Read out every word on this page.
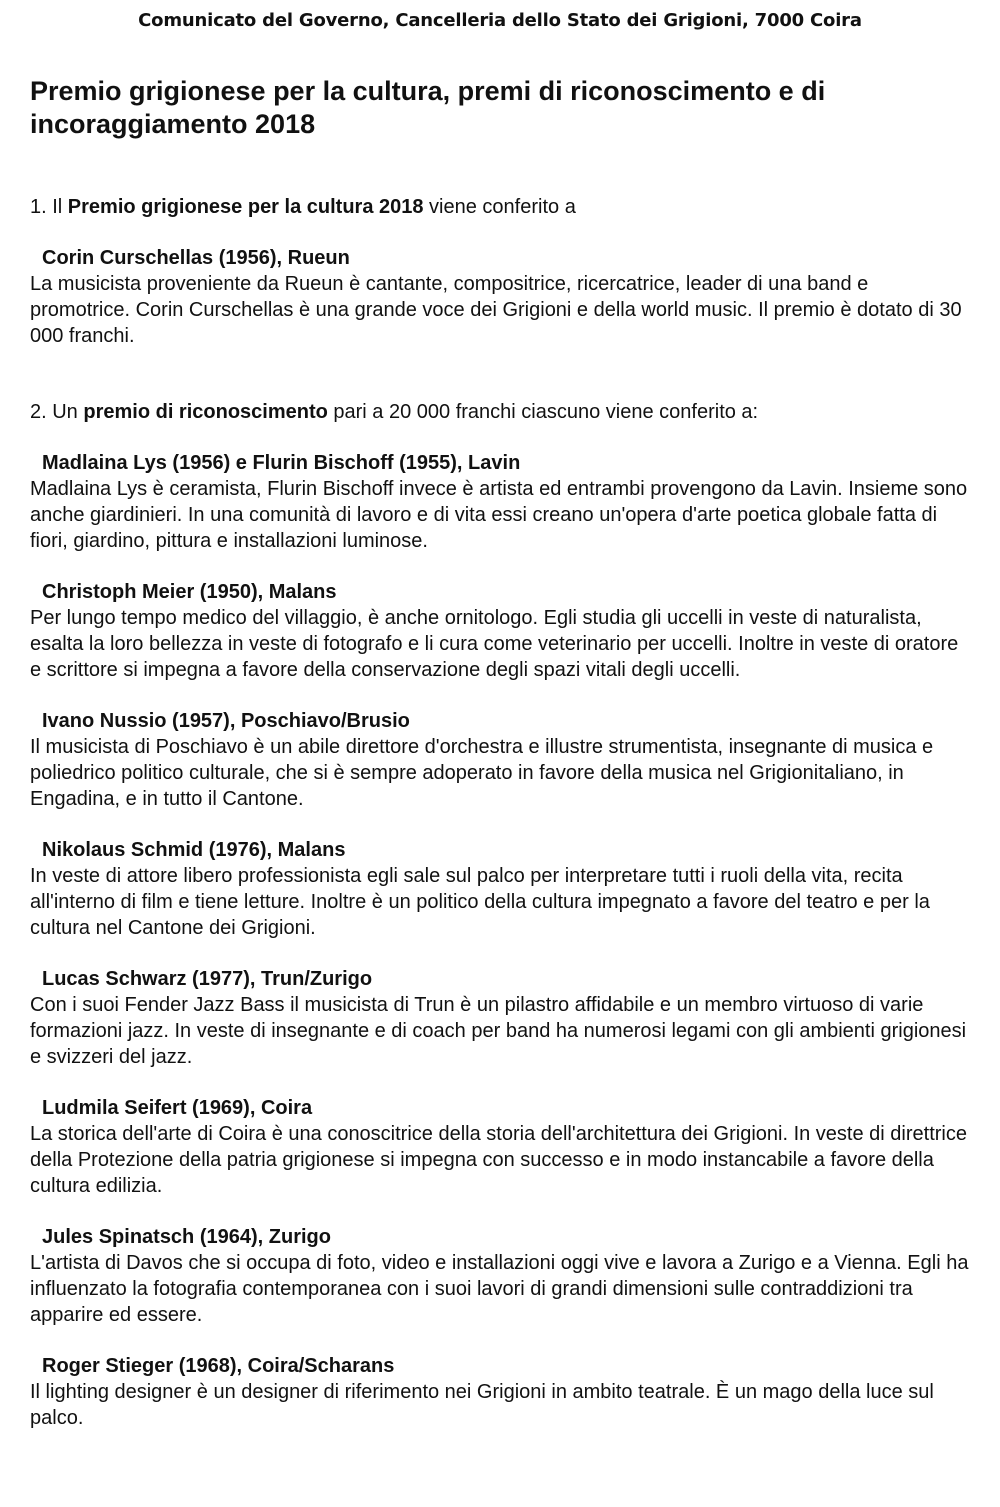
Comunicato del Governo, Cancelleria dello Stato dei Grigioni, 7000 Coira
Premio grigionese per la cultura, premi di riconoscimento e di incoraggiamento 2018
1. Il Premio grigionese per la cultura 2018 viene conferito a
Corin Curschellas (1956), Rueun
La musicista proveniente da Rueun è cantante, compositrice, ricercatrice, leader di una band e promotrice. Corin Curschellas è una grande voce dei Grigioni e della world music. Il premio è dotato di 30 000 franchi.
2. Un premio di riconoscimento pari a 20 000 franchi ciascuno viene conferito a:
Madlaina Lys (1956) e Flurin Bischoff (1955), Lavin
Madlaina Lys è ceramista, Flurin Bischoff invece è artista ed entrambi provengono da Lavin. Insieme sono anche giardinieri. In una comunità di lavoro e di vita essi creano un'opera d'arte poetica globale fatta di fiori, giardino, pittura e installazioni luminose.
Christoph Meier (1950), Malans
Per lungo tempo medico del villaggio, è anche ornitologo. Egli studia gli uccelli in veste di naturalista, esalta la loro bellezza in veste di fotografo e li cura come veterinario per uccelli. Inoltre in veste di oratore e scrittore si impegna a favore della conservazione degli spazi vitali degli uccelli.
Ivano Nussio (1957), Poschiavo/Brusio
Il musicista di Poschiavo è un abile direttore d'orchestra e illustre strumentista, insegnante di musica e poliedrico politico culturale, che si è sempre adoperato in favore della musica nel Grigionitaliano, in Engadina, e in tutto il Cantone.
Nikolaus Schmid (1976), Malans
In veste di attore libero professionista egli sale sul palco per interpretare tutti i ruoli della vita, recita all'interno di film e tiene letture. Inoltre è un politico della cultura impegnato a favore del teatro e per la cultura nel Cantone dei Grigioni.
Lucas Schwarz (1977), Trun/Zurigo
Con i suoi Fender Jazz Bass il musicista di Trun è un pilastro affidabile e un membro virtuoso di varie formazioni jazz. In veste di insegnante e di coach per band ha numerosi legami con gli ambienti grigionesi e svizzeri del jazz.
Ludmila Seifert (1969), Coira
La storica dell'arte di Coira è una conoscitrice della storia dell'architettura dei Grigioni. In veste di direttrice della Protezione della patria grigionese si impegna con successo e in modo instancabile a favore della cultura edilizia.
Jules Spinatsch (1964), Zurigo
L'artista di Davos che si occupa di foto, video e installazioni oggi vive e lavora a Zurigo e a Vienna. Egli ha influenzato la fotografia contemporanea con i suoi lavori di grandi dimensioni sulle contraddizioni tra apparire ed essere.
Roger Stieger (1968), Coira/Scharans
Il lighting designer è un designer di riferimento nei Grigioni in ambito teatrale. È un mago della luce sul palco.
